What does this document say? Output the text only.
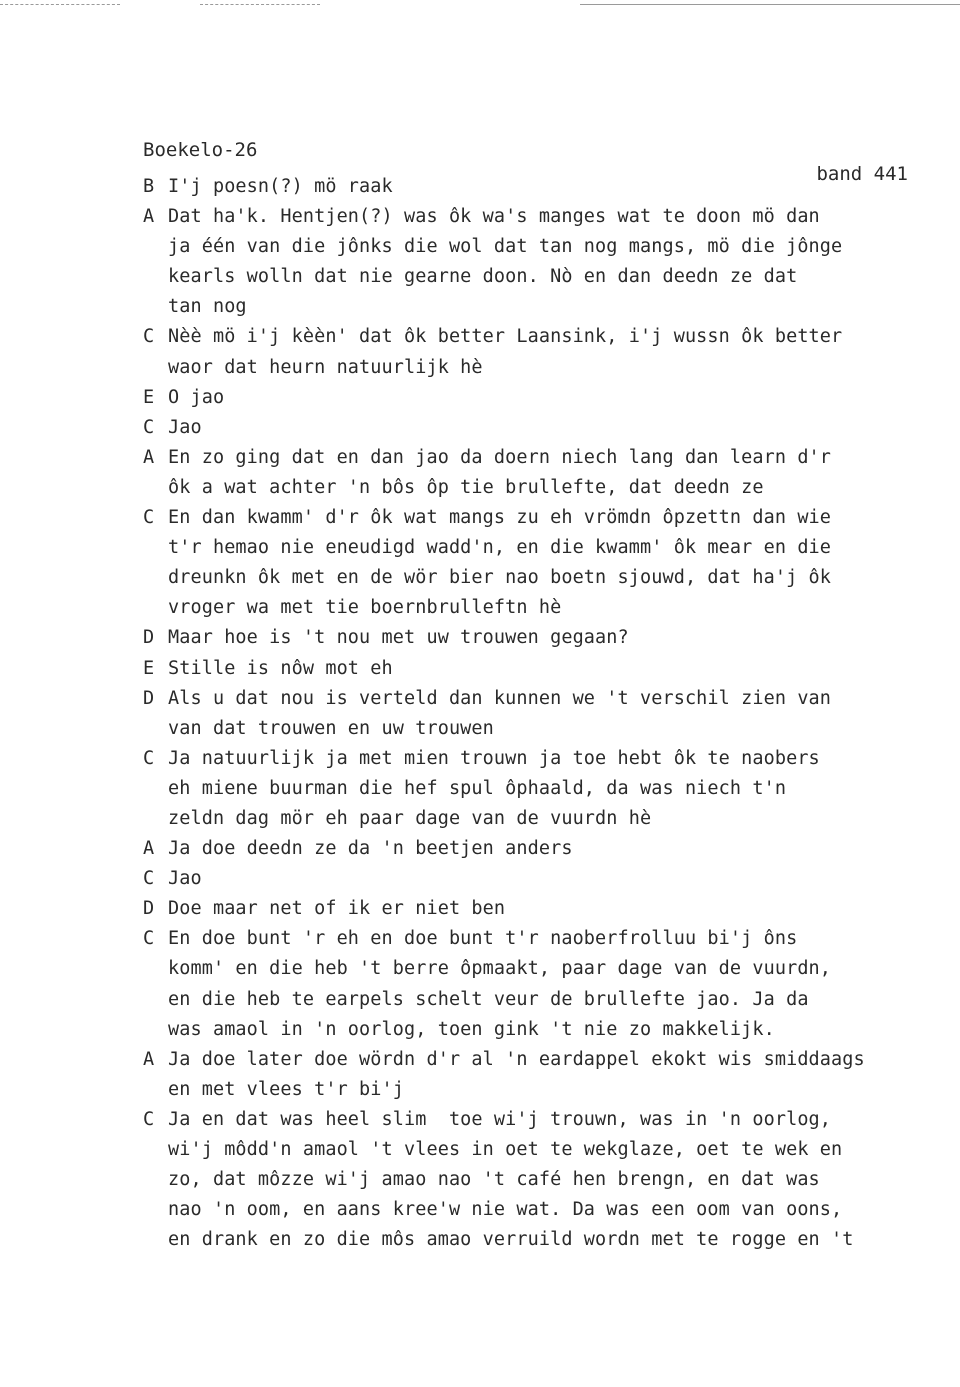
Boekelo-26

band 441

B I'j poesn(?) mö raak
A Dat ha'k. Hentjen(?) was ôk wa's manges wat te doon mö dan
ja één van die jônks die wol dat tan nog mangs, mö die jônge
kearls wolln dat nie gearne doon. Nò en dan deedn ze dat
tan nog
C Nèè mö i'j kèèn' dat ôk better Laansink, i'j wussn ôk better
waor dat heurn natuurlijk hè
E O jao
C Jao
A En zo ging dat en dan jao da doern niech lang dan learn d'r
ôk a wat achter 'n bôs ôp tie brullefte, dat deedn ze
C En dan kwamm' d'r ôk wat mangs zu eh vrömdn ôpzettn dan wie
t'r hemao nie eneudigd wadd'n, en die kwamm' ôk mear en die
dreunkn ôk met en de wör bier nao boetn sjouwd, dat ha'j ôk
vroger wa met tie boernbrulleftn hè
D Maar hoe is 't nou met uw trouwen gegaan?
E Stille is nôw mot eh
D Als u dat nou is verteld dan kunnen we 't verschil zien van
van dat trouwen en uw trouwen
C Ja natuurlijk ja met mien trouwn ja toe hebt ôk te naobers
eh miene buurman die hef spul ôphaald, da was niech t'n
zeldn dag mör eh paar dage van de vuurdn hè
A Ja doe deedn ze da 'n beetjen anders
C Jao
D Doe maar net of ik er niet ben
C En doe bunt 'r eh en doe bunt t'r naoberfrolluu bi'j ôns
komm' en die heb 't berre ôpmaakt, paar dage van de vuurdn,
en die heb te earpels schelt veur de brullefte jao. Ja da
was amaol in 'n oorlog, toen gink 't nie zo makkelijk.
A Ja doe later doe wördn d'r al 'n eardappel ekokt wis smiddaags
en met vlees t'r bi'j
C Ja en dat was heel slim  toe wi'j trouwn, was in 'n oorlog,
wi'j môdd'n amaol 't vlees in oet te wekglaze, oet te wek en
zo, dat môzze wi'j amao nao 't café hen brengn, en dat was
nao 'n oom, en aans kree'w nie wat. Da was een oom van oons,
en drank en zo die môs amao verruild wordn met te rogge en 't
